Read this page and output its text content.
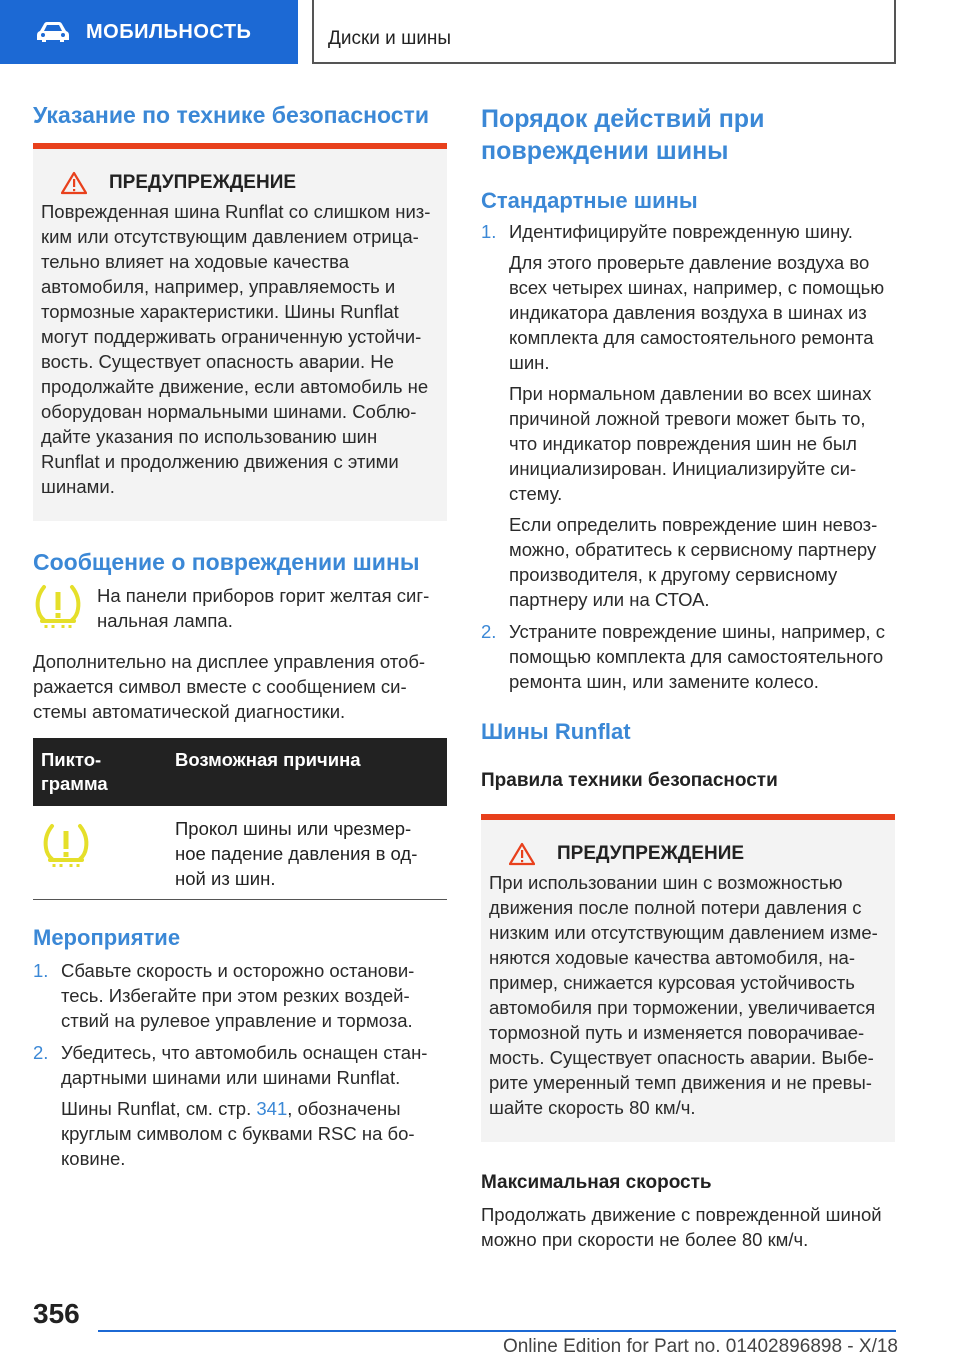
МОБИЛЬНОСТЬ	Диски и шины
Указание по технике безопасности
ПРЕДУПРЕЖДЕНИЕ

Поврежденная шина Runflat со слишком низ-ким или отсутствующим давлением отрица-тельно влияет на ходовые качества автомобиля, например, управляемость и тормозные характеристики. Шины Runflat могут поддерживать ограниченную устойчи-вость. Существует опасность аварии. Не продолжайте движение, если автомобиль не оборудован нормальными шинами. Соблю-дайте указания по использованию шин Runflat и продолжению движения с этими шинами.

Сообщение о повреждении шины

На панели приборов горит желтая сиг-нальная лампа.

Дополнительно на дисплее управления отоб-ражается символ вместе с сообщением си-стемы автоматической диагностики.

Пикто-грамма	Возможная причина
	Прокол шины или чрезмер-ное падение давления в од-ной из шин.
Мероприятие
1. Сбавьте скорость и осторожно останови-тесь. Избегайте при этом резких воздей-ствий на рулевое управление и тормоза.
2. Убедитесь, что автомобиль оснащен стан-дартными шинами или шинами Runflat.

Шины Runflat, см. стр. 341, обозначены круглым символом с буквами RSC на бо-ковине.

Порядок действий при повреждении шины
Стандартные шины
1. Идентифицируйте поврежденную шину.

Для этого проверьте давление воздуха во всех четырех шинах, например, с помощью индикатора давления воздуха в шинах из комплекта для самостоятельного ремонта шин.

При нормальном давлении во всех шинах причиной ложной тревоги может быть то, что индикатор повреждения шин не был инициализирован. Инициализируйте си-стему.

Если определить повреждение шин невоз-можно, обратитесь к сервисному партнеру производителя, к другому сервисному партнеру или на СТОА.

2. Устраните повреждение шины, например, с помощью комплекта для самостоятельного ремонта шин, или замените колесо.
Шины Runflat
Правила техники безопасности
ПРЕДУПРЕЖДЕНИЕ

При использовании шин с возможностью движения после полной потери давления с низким или отсутствующим давлением изме-няются ходовые качества автомобиля, на-пример, снижается курсовая устойчивость автомобиля при торможении, увеличивается тормозной путь и изменяется поворачивае-мость. Существует опасность аварии. Выбе-рите умеренный темп движения и не превы-шайте скорость 80 км/ч.

Максимальная скорость

Продолжать движение с поврежденной шиной можно при скорости не более 80 км/ч.

356
Online Edition for Part no. 01402896898 - X/18
